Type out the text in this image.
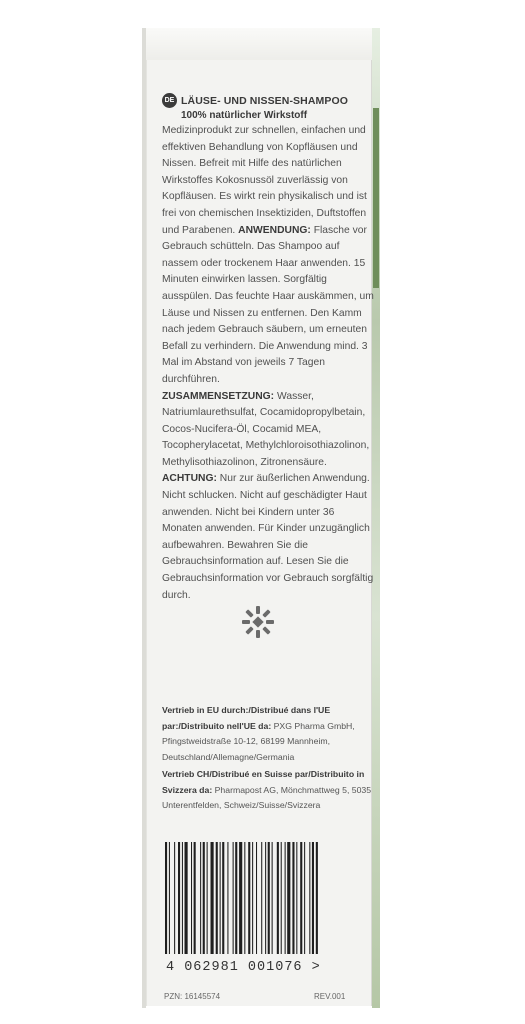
DE LÄUSE- UND NISSEN-SHAMPOO
100% natürlicher Wirkstoff
Medizinprodukt zur schnellen, einfachen und effektiven Behandlung von Kopfläusen und Nissen. Befreit mit Hilfe des natürlichen Wirkstoffes Kokosnussöl zuverlässig von Kopfläusen. Es wirkt rein physikalisch und ist frei von chemischen Insektiziden, Duftstoffen und Parabenen. ANWENDUNG: Flasche vor Gebrauch schütteln. Das Shampoo auf nassem oder trockenem Haar anwenden. 15 Minuten einwirken lassen. Sorgfältig ausspülen. Das feuchte Haar auskämmen, um Läuse und Nissen zu entfernen. Den Kamm nach jedem Gebrauch säubern, um erneuten Befall zu verhindern. Die Anwendung mind. 3 Mal im Abstand von jeweils 7 Tagen durchführen.
ZUSAMMENSETZUNG: Wasser, Natriumlaurethsulfat, Cocamidopropylbetain, Cocos-Nucifera-Öl, Cocamid MEA, Tocopherylacetat, Methylchloroisothiazolinon, Methylisothiazolinon, Zitronensäure.
ACHTUNG: Nur zur äußerlichen Anwendung. Nicht schlucken. Nicht auf geschädigter Haut anwenden. Nicht bei Kindern unter 36 Monaten anwenden. Für Kinder unzugänglich aufbewahren. Bewahren Sie die Gebrauchsinformation auf. Lesen Sie die Gebrauchsinformation vor Gebrauch sorgfältig durch.
Vertrieb in EU durch:/Distribué dans l'UE par:/Distribuito nell'UE da: PXG Pharma GmbH, Pfingstweidstraße 10-12, 68199 Mannheim, Deutschland/Allemagne/Germania
Vertrieb CH/Distribué en Suisse par/Distribuito in Svizzera da: Pharmapost AG, Mönchmattweg 5, 5035 Unterentfelden, Schweiz/Suisse/Svizzera
4 062981 001076 >
PZN: 16145574	REV.001
